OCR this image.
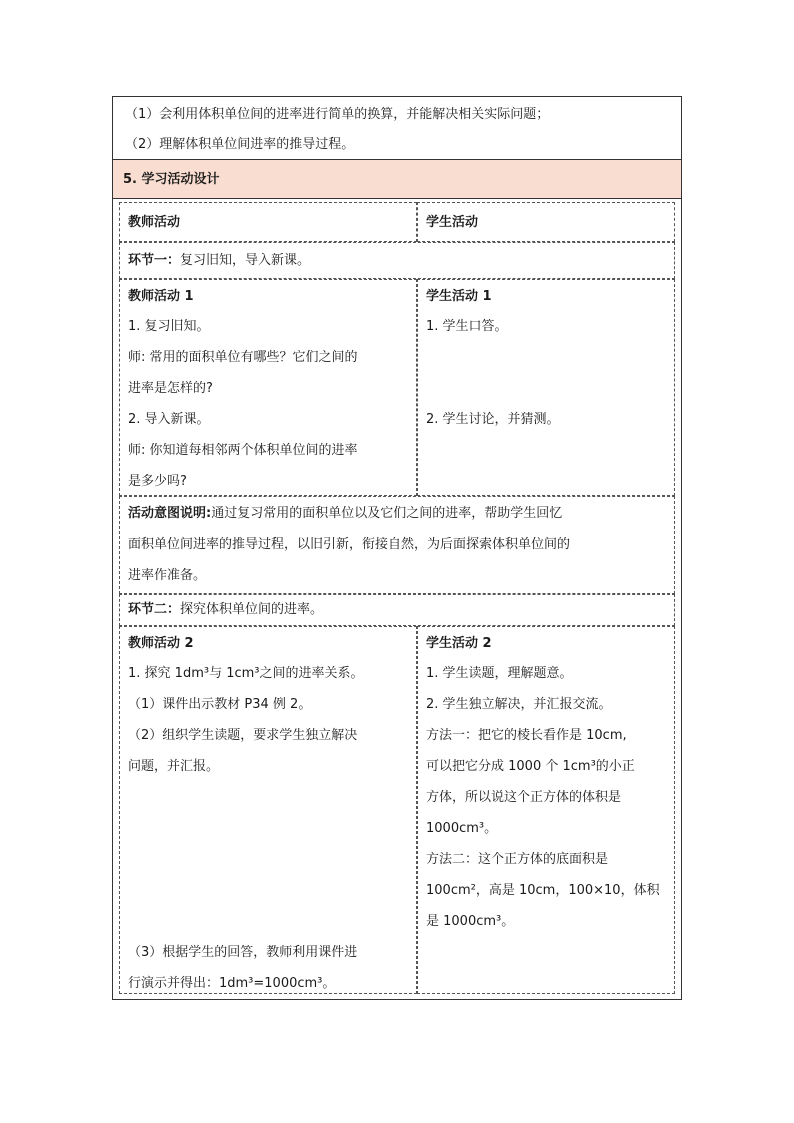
（1）会利用体积单位间的进率进行简单的换算，并能解决相关实际问题；

（2）理解体积单位间进率的推导过程。

5. 学习活动设计
教师活动	学生活动
环节一：复习旧知，导入新课。
教师活动 1
1. 复习旧知。
师: 常用的面积单位有哪些？它们之间的
进率是怎样的?
2. 导入新课。
师: 你知道每相邻两个体积单位间的进率
是多少吗?
学生活动 1
1. 学生口答。
2. 学生讨论，并猜测。
活动意图说明:通过复习常用的面积单位以及它们之间的进率，帮助学生回忆
面积单位间进率的推导过程，以旧引新，衔接自然，为后面探索体积单位间的
进率作准备。
环节二：探究体积单位间的进率。
教师活动 2
1. 探究 1dm³与 1cm³之间的进率关系。
（1）课件出示教材 P34 例 2。
（2）组织学生读题，要求学生独立解决
问题，并汇报。
（3）根据学生的回答，教师利用课件进
行演示并得出：1dm³=1000cm³。
学生活动 2
1. 学生读题，理解题意。
2. 学生独立解决，并汇报交流。
方法一：把它的棱长看作是 10cm,
可以把它分成 1000 个 1cm³的小正
方体，所以说这个正方体的体积是
1000cm³。
方法二：这个正方体的底面积是
100cm²，高是 10cm，100×10，体积
是 1000cm³。
